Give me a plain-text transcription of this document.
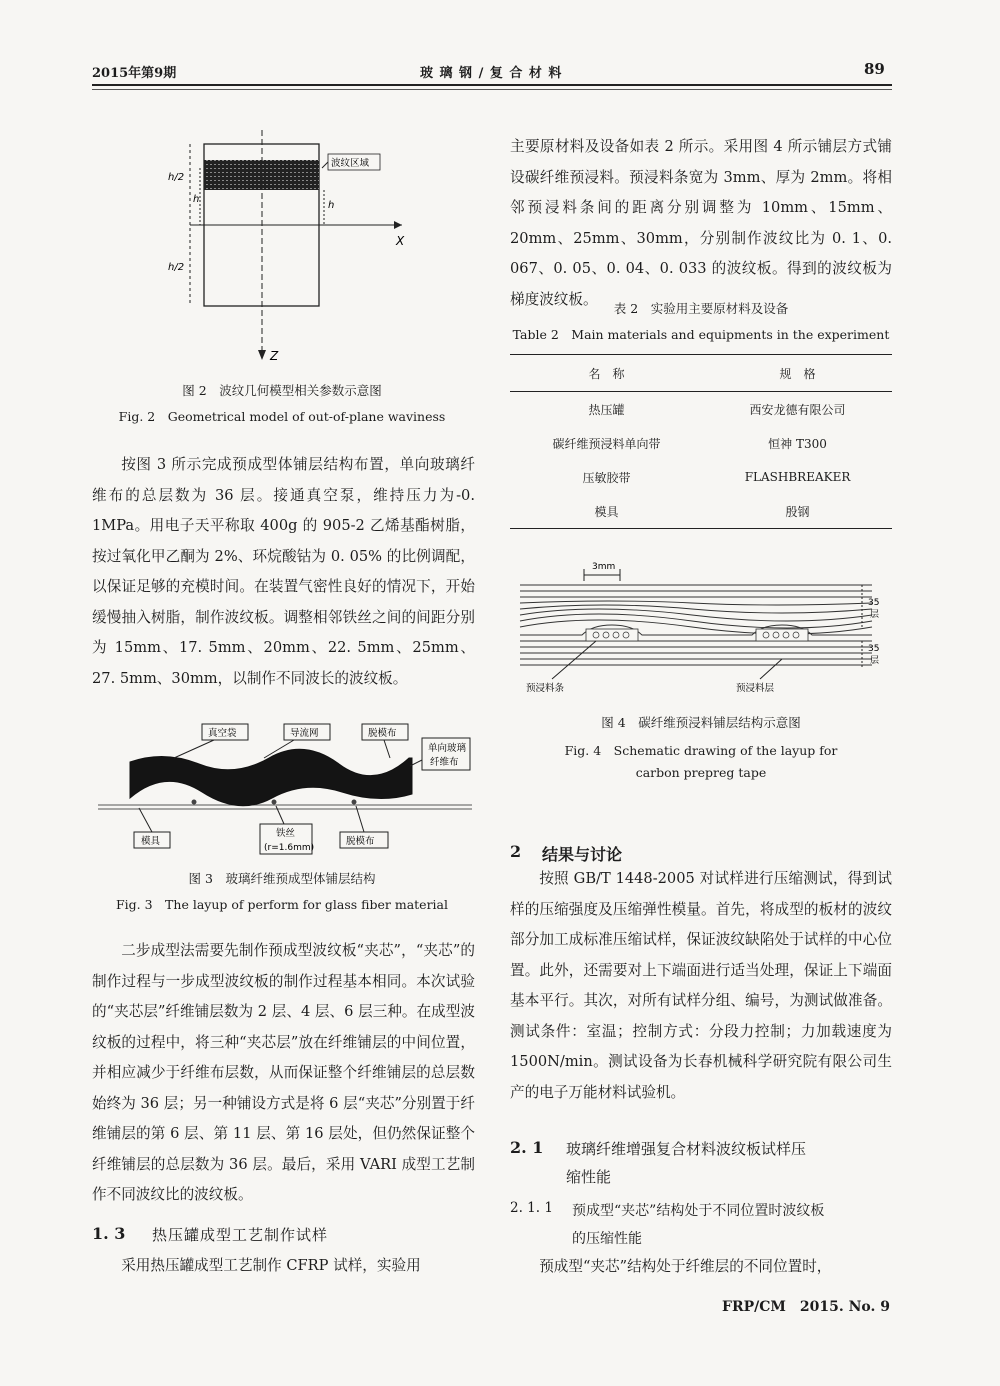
2015年第9期	玻 璃 钢 / 复 合 材 料	89
波纹区域
h/2
h/2
h
h
X
Z
图 2　波纹几何模型相关参数示意图
Fig. 2　Geometrical model of out-of-plane waviness
按图 3 所示完成预成型体铺层结构布置，单向玻璃纤维布的总层数为 36 层。接通真空泵，维持压力为-0. 1MPa。用电子天平称取 400g 的 905-2 乙烯基酯树脂，按过氧化甲乙酮为 2%、环烷酸钴为 0. 05% 的比例调配，以保证足够的充模时间。在装置气密性良好的情况下，开始缓慢抽入树脂，制作波纹板。调整相邻铁丝之间的间距分别为 15mm、17. 5mm、20mm、22. 5mm、25mm、27. 5mm、30mm，以制作不同波长的波纹板。
真空袋	导流网	脱模布
单向玻璃
纤维布
模具
铁丝
(r=1.6mm)
脱模布
图 3　玻璃纤维预成型体铺层结构
Fig. 3　The layup of perform for glass fiber material
二步成型法需要先制作预成型波纹板“夹芯”，“夹芯”的制作过程与一步成型波纹板的制作过程基本相同。本次试验的“夹芯层”纤维铺层数为 2 层、4 层、6 层三种。在成型波纹板的过程中，将三种“夹芯层”放在纤维铺层的中间位置，并相应减少于纤维布层数，从而保证整个纤维铺层的总层数始终为 36 层；另一种铺设方式是将 6 层“夹芯”分别置于纤维铺层的第 6 层、第 11 层、第 16 层处，但仍然保证整个纤维铺层的总层数为 36 层。最后，采用 VARI 成型工艺制作不同波纹比的波纹板。
1. 3 热压罐成型工艺制作试样
采用热压罐成型工艺制作 CFRP 试样，实验用
主要原材料及设备如表 2 所示。采用图 4 所示铺层方式铺设碳纤维预浸料。预浸料条宽为 3mm、厚为 2mm。将相邻预浸料条间的距离分别调整为 10mm、15mm、20mm、25mm、30mm，分别制作波纹比为 0. 1、0. 067、0. 05、0. 04、0. 033 的波纹板。得到的波纹板为梯度波纹板。
表 2　实验用主要原材料及设备
Table 2　Main materials and equipments in the experiment
名　称	规　格
热压罐	西安龙德有限公司
碳纤维预浸料单向带	恒神 T300
压敏胶带	FLASHBREAKER
模具	殷钢
3mm
35
层
35
层
预浸料条	预浸料层
图 4　碳纤维预浸料铺层结构示意图
Fig. 4　Schematic drawing of the layup for
carbon prepreg tape
2 结果与讨论
按照 GB/T 1448-2005 对试样进行压缩测试，得到试样的压缩强度及压缩弹性模量。首先，将成型的板材的波纹部分加工成标准压缩试样，保证波纹缺陷处于试样的中心位置。此外，还需要对上下端面进行适当处理，保证上下端面基本平行。其次，对所有试样分组、编号，为测试做准备。测试条件：室温；控制方式：分段力控制；力加载速度为 1500N/min。测试设备为长春机械科学研究院有限公司生产的电子万能材料试验机。
2. 1 玻璃纤维增强复合材料波纹板试样压
缩性能
2. 1. 1 预成型“夹芯”结构处于不同位置时波纹板
的压缩性能
预成型“夹芯”结构处于纤维层的不同位置时，
FRP/CM　2015. No. 9
